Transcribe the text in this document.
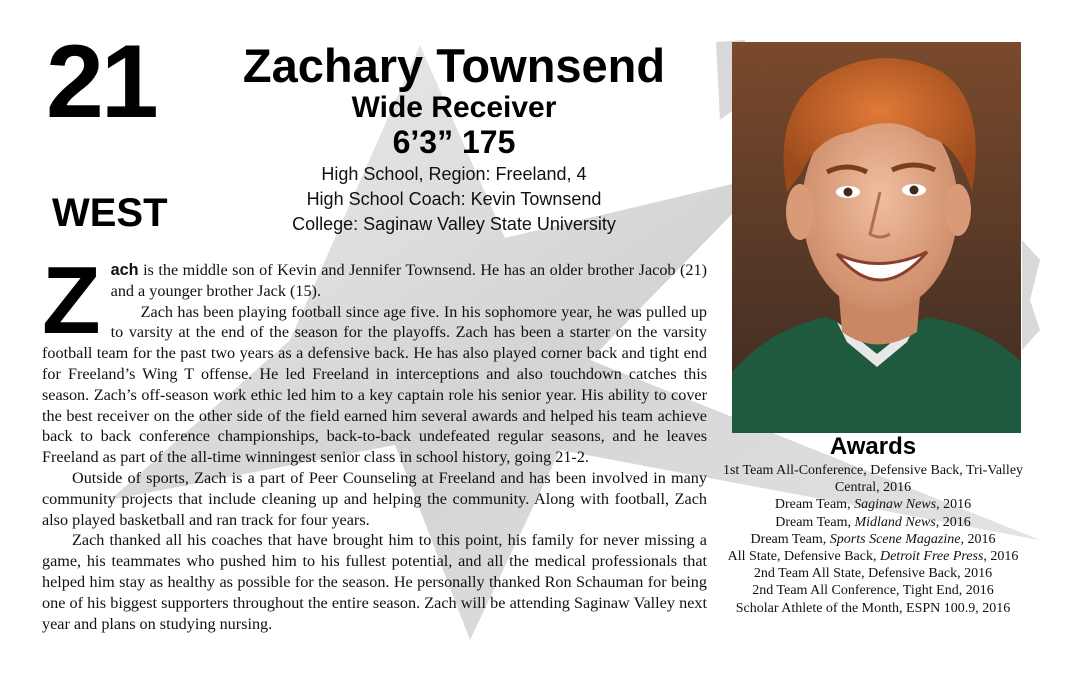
21
WEST
Zachary Townsend
Wide Receiver
6’3” 175
High School, Region: Freeland, 4
High School Coach: Kevin Townsend
College: Saginaw Valley State University

Zach is the middle son of Kevin and Jennifer Townsend. He has an older brother Jacob (21) and a younger brother Jack (15).

Zach has been playing football since age five. In his sophomore year, he was pulled up to varsity at the end of the season for the playoffs. Zach has been a starter on the varsity football team for the past two years as a defensive back. He has also played corner back and tight end for Freeland’s Wing T offense. He led Freeland in interceptions and also touchdown catches this season. Zach’s off-season work ethic led him to a key captain role his senior year. His ability to cover the best receiver on the other side of the field earned him several awards and helped his team achieve back to back conference championships, back-to-back undefeated regular seasons, and he leaves Freeland as part of the all-time winningest senior class in school history, going 21-2.

Outside of sports, Zach is a part of Peer Counseling at Freeland and has been involved in many community projects that include cleaning up and helping the community. Along with football, Zach also played basketball and ran track for four years.

Zach thanked all his coaches that have brought him to this point, his family for never missing a game, his teammates who pushed him to his fullest potential, and all the medical professionals that helped him stay as healthy as possible for the season. He personally thanked Ron Schauman for being one of his biggest supporters throughout the entire season. Zach will be attending Saginaw Valley next year and plans on studying nursing.

Awards
1st Team All-Conference, Defensive Back, Tri-Valley Central, 2016
Dream Team, Saginaw News, 2016
Dream Team, Midland News, 2016
Dream Team, Sports Scene Magazine, 2016
All State, Defensive Back, Detroit Free Press, 2016
2nd Team All State, Defensive Back, 2016
2nd Team All Conference, Tight End, 2016
Scholar Athlete of the Month, ESPN 100.9, 2016
